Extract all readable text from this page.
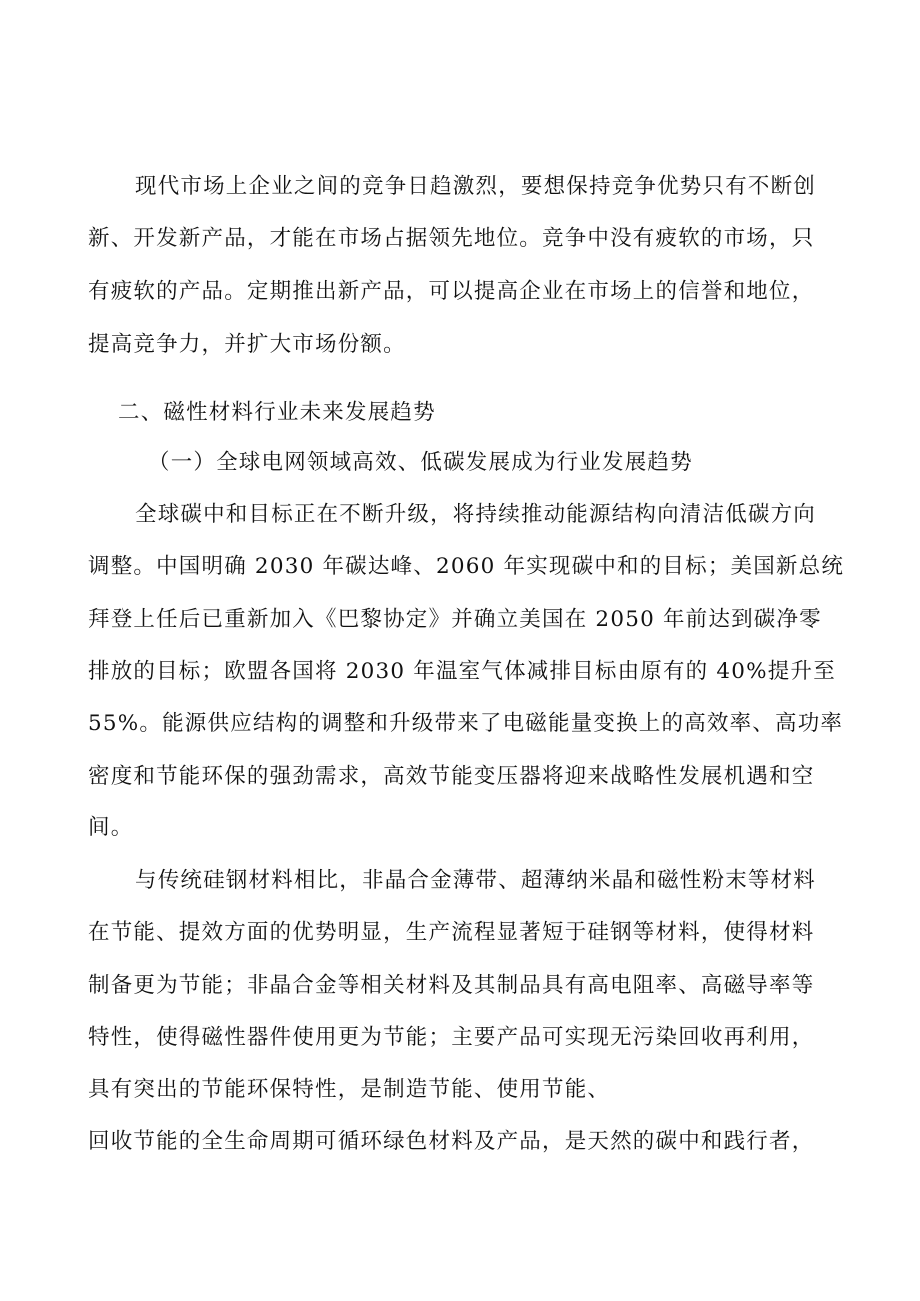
现代市场上企业之间的竞争日趋激烈，要想保持竞争优势只有不断创
新、开发新产品，才能在市场占据领先地位。竞争中没有疲软的市场，只
有疲软的产品。定期推出新产品，可以提高企业在市场上的信誉和地位，
提高竞争力，并扩大市场份额。
二、磁性材料行业未来发展趋势
（一）全球电网领域高效、低碳发展成为行业发展趋势
全球碳中和目标正在不断升级，将持续推动能源结构向清洁低碳方向
调整。中国明确 2030 年碳达峰、2060 年实现碳中和的目标；美国新总统
拜登上任后已重新加入《巴黎协定》并确立美国在 2050 年前达到碳净零
排放的目标；欧盟各国将 2030 年温室气体减排目标由原有的 40%提升至
55%。能源供应结构的调整和升级带来了电磁能量变换上的高效率、高功率
密度和节能环保的强劲需求，高效节能变压器将迎来战略性发展机遇和空
间。
与传统硅钢材料相比，非晶合金薄带、超薄纳米晶和磁性粉末等材料
在节能、提效方面的优势明显，生产流程显著短于硅钢等材料，使得材料
制备更为节能；非晶合金等相关材料及其制品具有高电阻率、高磁导率等
特性，使得磁性器件使用更为节能；主要产品可实现无污染回收再利用，
具有突出的节能环保特性，是制造节能、使用节能、
回收节能的全生命周期可循环绿色材料及产品，是天然的碳中和践行者，
